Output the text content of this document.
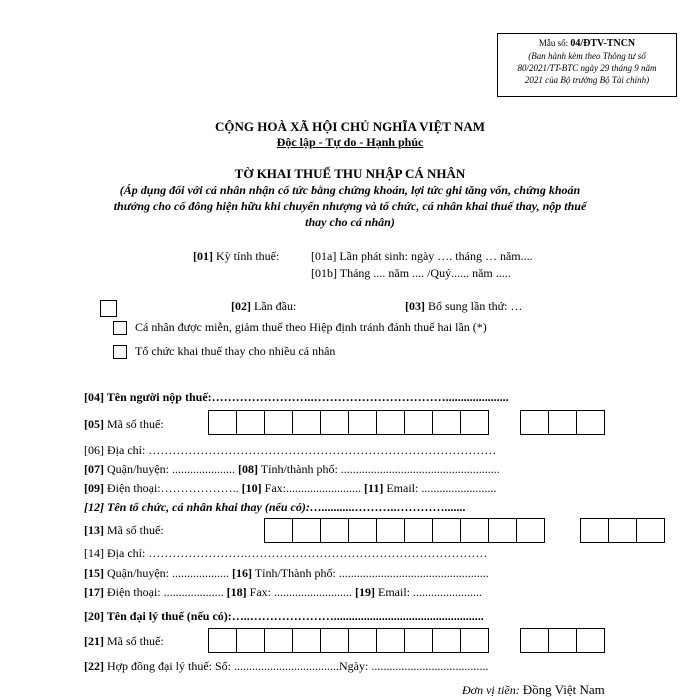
Mẫu số: 04/ĐTV-TNCN
(Ban hành kèm theo Thông tư số
80/2021/TT-BTC ngày 29 tháng 9 năm
2021 của Bộ trưởng Bộ Tài chính)
CỘNG HOÀ XÃ HỘI CHỦ NGHĨA VIỆT NAM
Độc lập - Tự do - Hạnh phúc
TỜ KHAI THUẾ THU NHẬP CÁ NHÂN
(Áp dụng đối với cá nhân nhận cổ tức bằng chứng khoán, lợi tức ghi tăng vốn, chứng khoán
thưởng cho cổ đông hiện hữu khi chuyển nhượng và tổ chức, cá nhân khai thuế thay, nộp thuế
thay cho cá nhân)
[01] Kỳ tính thuế:	[01a] Lần phát sinh: ngày …. tháng … năm....
[01b] Tháng .... năm .... /Quý...... năm .....
[02] Lần đầu:	[03] Bổ sung lần thứ: …
Cá nhân được miễn, giảm thuế theo Hiệp định tránh đánh thuế hai lần (*)
Tổ chức khai thuế thay cho nhiều cá nhân
[04] Tên người nộp thuế:……………………..…………………………….....................
[05] Mã số thuế:
[06] Địa chỉ: ……………………………………………………………………………
[07] Quận/huyện: ..................... [08] Tỉnh/thành phố: .....................................................
[09] Điện thoại:……………….. [10] Fax:......................... [11] Email: .........................
[12] Tên tổ chức, cá nhân khai thay (nếu có):…...........………..………….......
[13] Mã số thuế:
[14] Địa chỉ: …………………….……………………………………………………
[15] Quận/huyện: ................... [16] Tỉnh/Thành phố: ..................................................
[17] Điện thoại: .................... [18] Fax: .......................... [19] Email: .......................
[20] Tên đại lý thuế (nếu có):…..…………………..................................................
[21] Mã số thuế:
[22] Hợp đồng đại lý thuế: Số: ...................................Ngày: .......................................
Đơn vị tiền: Đồng Việt Nam
